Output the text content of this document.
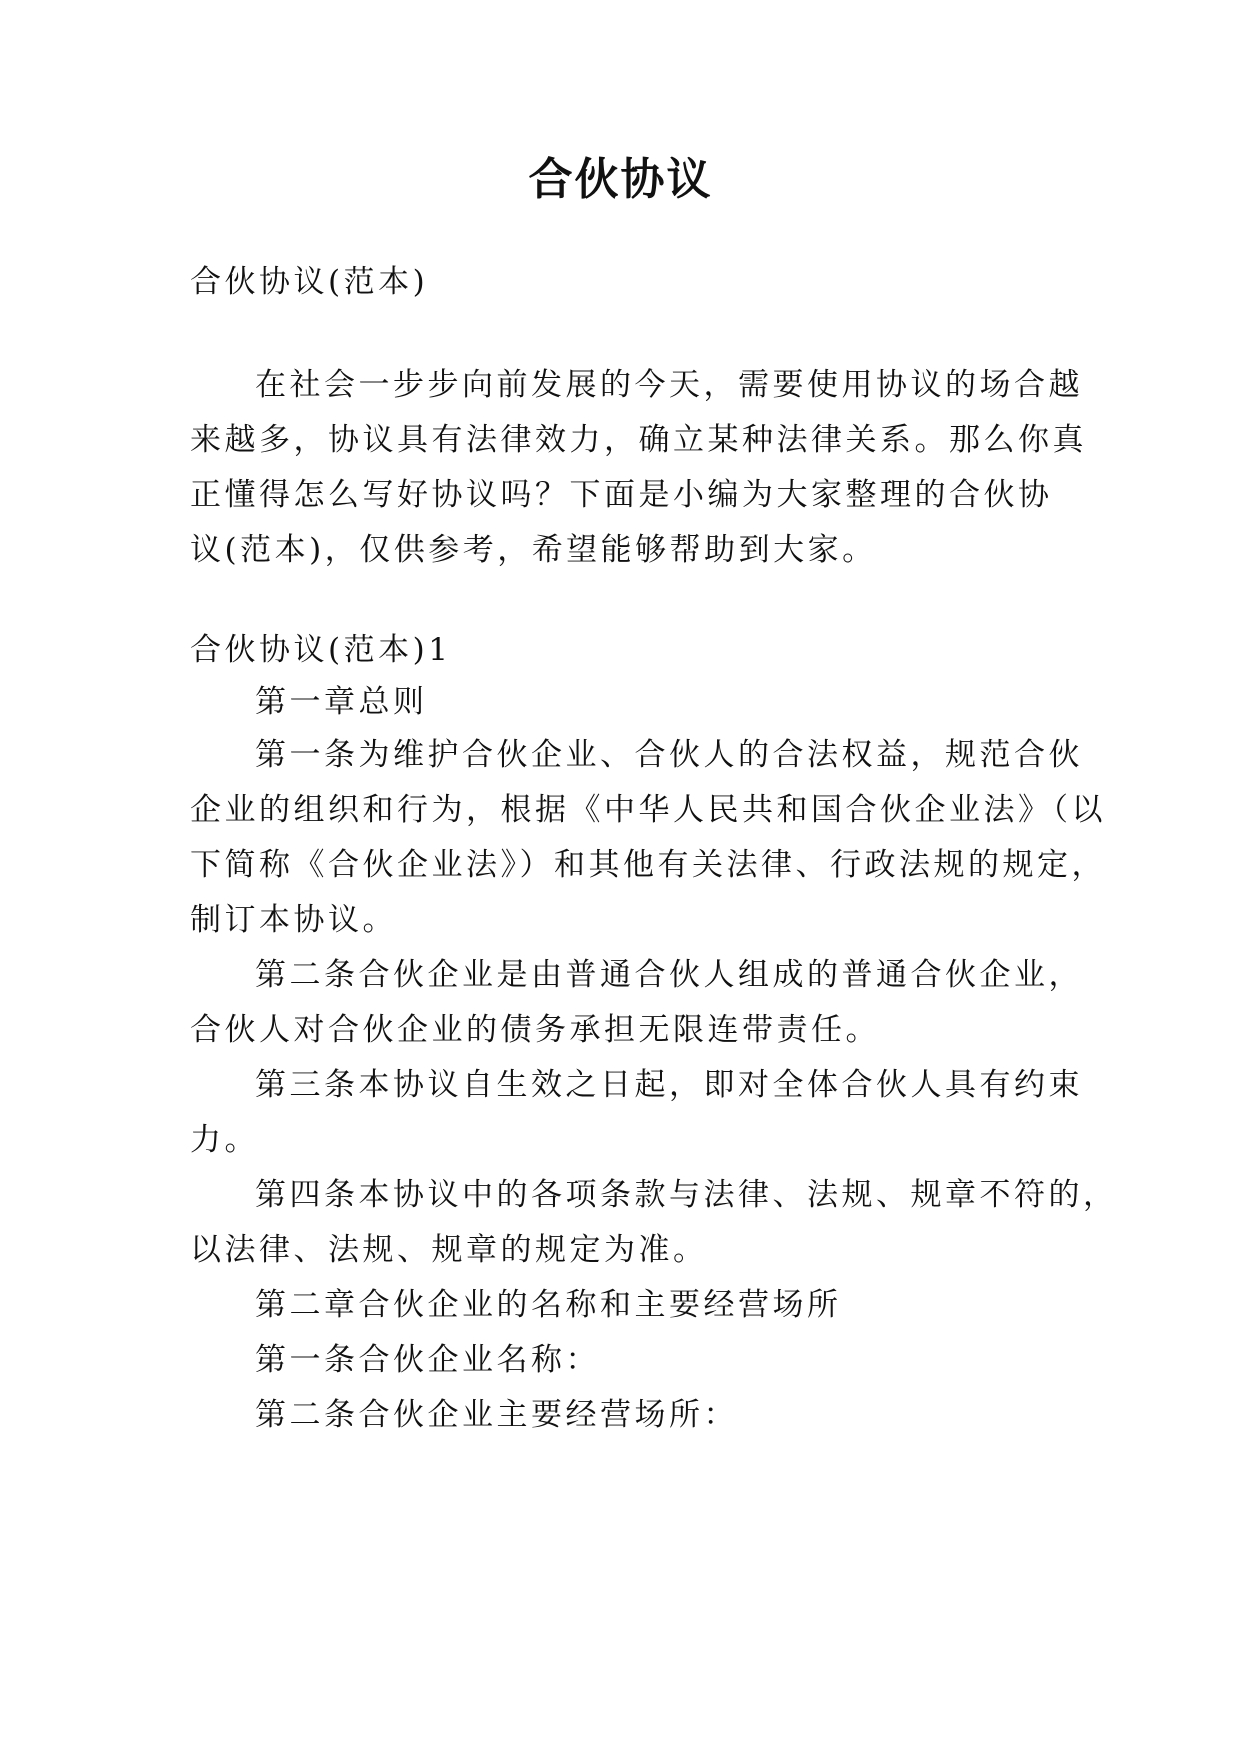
合伙协议
合伙协议(范本)
在社会一步步向前发展的今天，需要使用协议的场合越
来越多，协议具有法律效力，确立某种法律关系。那么你真
正懂得怎么写好协议吗？下面是小编为大家整理的合伙协
议(范本)，仅供参考，希望能够帮助到大家。
合伙协议(范本)1
第一章总则
第一条为维护合伙企业、合伙人的合法权益，规范合伙
企业的组织和行为，根据《中华人民共和国合伙企业法》（以
下简称《合伙企业法》）和其他有关法律、行政法规的规定，
制订本协议。
第二条合伙企业是由普通合伙人组成的普通合伙企业，
合伙人对合伙企业的债务承担无限连带责任。
第三条本协议自生效之日起，即对全体合伙人具有约束
力。
第四条本协议中的各项条款与法律、法规、规章不符的，
以法律、法规、规章的规定为准。
第二章合伙企业的名称和主要经营场所
第一条合伙企业名称：
第二条合伙企业主要经营场所：
